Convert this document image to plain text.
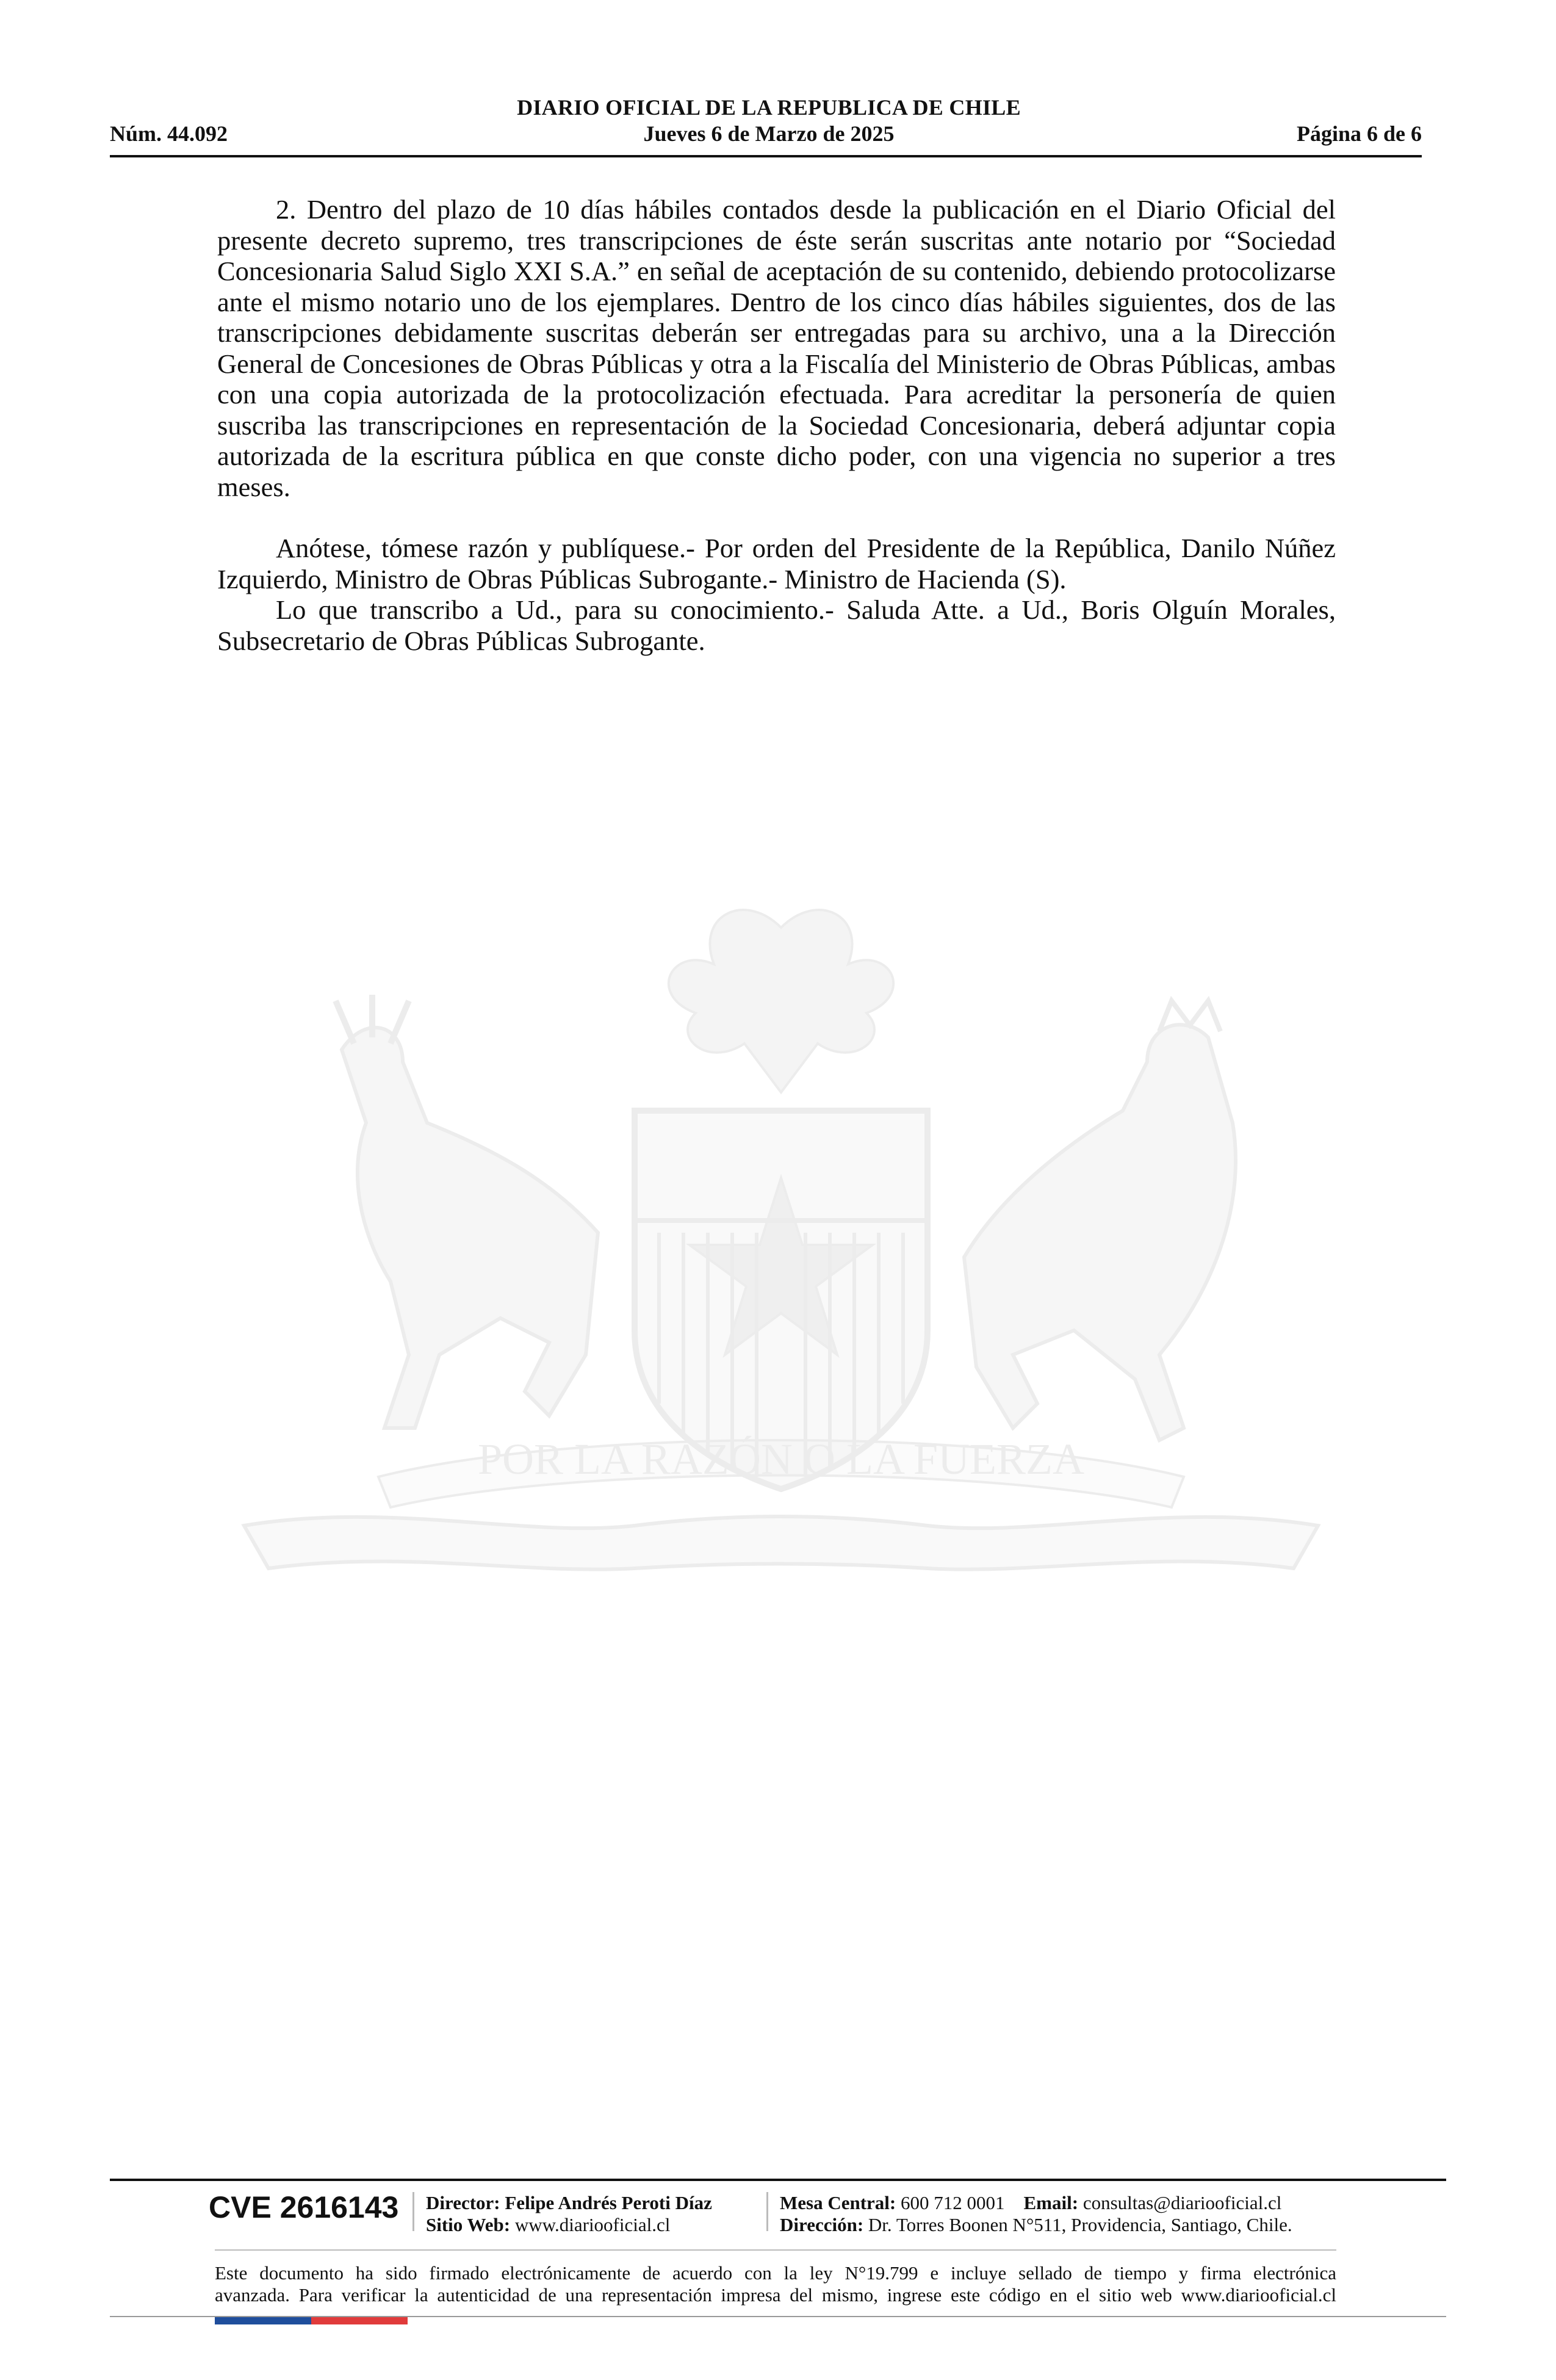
DIARIO OFICIAL DE LA REPUBLICA DE CHILE
Núm. 44.092	Página 6 de 6
Jueves 6 de Marzo de 2025

2. Dentro del plazo de 10 días hábiles contados desde la publicación en el Diario Oficial del presente decreto supremo, tres transcripciones de éste serán suscritas ante notario por “Sociedad Concesionaria Salud Siglo XXI S.A.” en señal de aceptación de su contenido, debiendo protocolizarse ante el mismo notario uno de los ejemplares. Dentro de los cinco días hábiles siguientes, dos de las transcripciones debidamente suscritas deberán ser entregadas para su archivo, una a la Dirección General de Concesiones de Obras Públicas y otra a la Fiscalía del Ministerio de Obras Públicas, ambas con una copia autorizada de la protocolización efectuada. Para acreditar la personería de quien suscriba las transcripciones en representación de la Sociedad Concesionaria, deberá adjuntar copia autorizada de la escritura pública en que conste dicho poder, con una vigencia no superior a tres meses.

Anótese, tómese razón y publíquese.- Por orden del Presidente de la República, Danilo Núñez Izquierdo, Ministro de Obras Públicas Subrogante.- Ministro de Hacienda (S).

Lo que transcribo a Ud., para su conocimiento.- Saluda Atte. a Ud., Boris Olguín Morales, Subsecretario de Obras Públicas Subrogante.

POR LA RAZÓN O LA FUERZA
CVE 2616143 Director: Felipe Andrés Peroti Díaz
Sitio Web: www.diariooficial.cl
Mesa Central: 600 712 0001 Email: consultas@diariooficial.cl
Dirección: Dr. Torres Boonen N°511, Providencia, Santiago, Chile.
Este documento ha sido firmado electrónicamente de acuerdo con la ley N°19.799 e incluye sellado de tiempo y firma electrónica
avanzada. Para verificar la autenticidad de una representación impresa del mismo, ingrese este código en el sitio web www.diariooficial.cl
